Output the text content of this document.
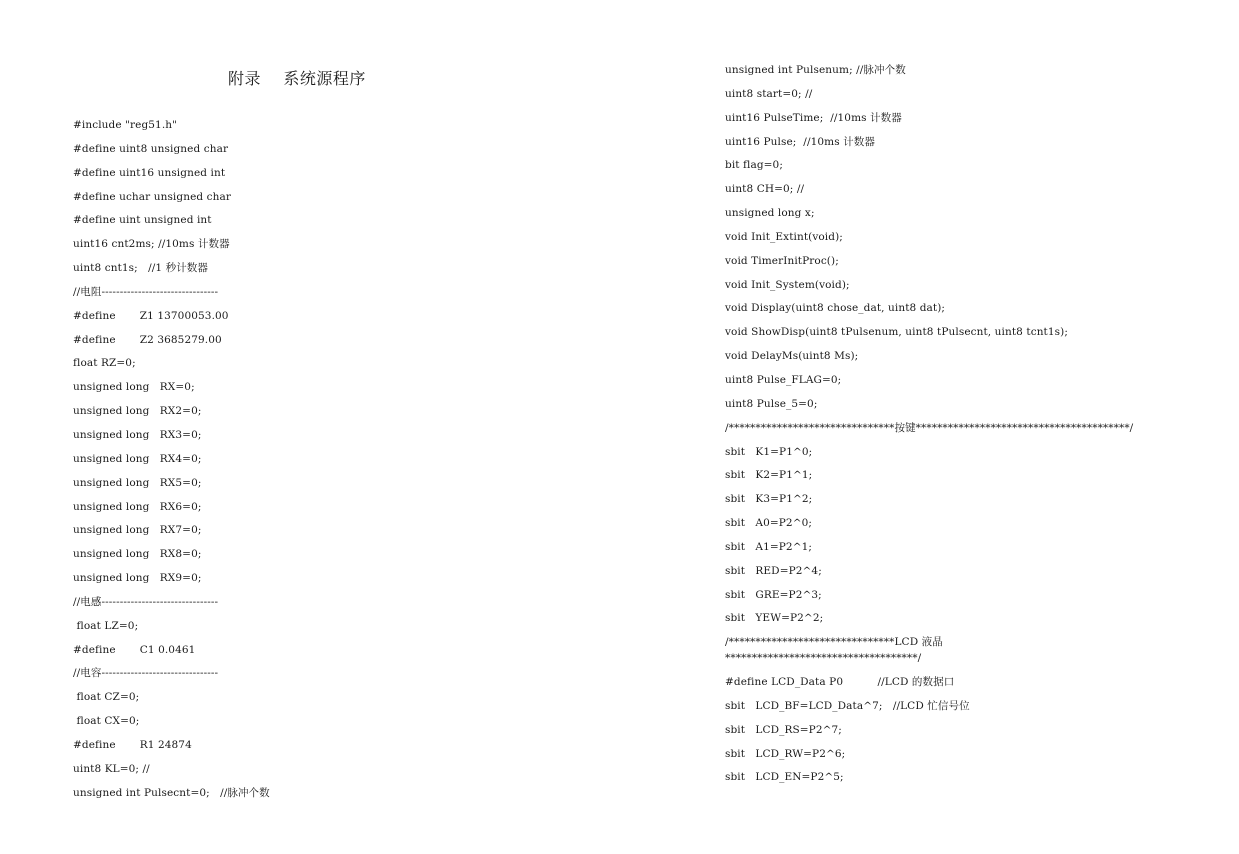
附录    系统源程序
#include "reg51.h"
#define uint8 unsigned char
#define uint16 unsigned int
#define uchar unsigned char
#define uint unsigned int
uint16 cnt2ms; //10ms 计数器
uint8 cnt1s;   //1 秒计数器
//电阻--------------------------------
#define       Z1 13700053.00
#define       Z2 3685279.00
float RZ=0;
unsigned long   RX=0;
unsigned long   RX2=0;
unsigned long   RX3=0;
unsigned long   RX4=0;
unsigned long   RX5=0;
unsigned long   RX6=0;
unsigned long   RX7=0;
unsigned long   RX8=0;
unsigned long   RX9=0;
//电感--------------------------------
float LZ=0;
#define       C1 0.0461
//电容--------------------------------
float CZ=0;
float CX=0;
#define       R1 24874
uint8 KL=0; //
unsigned int Pulsecnt=0;   //脉冲个数
unsigned int Pulsenum; //脉冲个数
uint8 start=0; //
uint16 PulseTime;  //10ms 计数器
uint16 Pulse;  //10ms 计数器
bit flag=0;
uint8 CH=0; //
unsigned long x;
void Init_Extint(void);
void TimerInitProc();
void Init_System(void);
void Display(uint8 chose_dat, uint8 dat);
void ShowDisp(uint8 tPulsenum, uint8 tPulsecnt, uint8 tcnt1s);
void DelayMs(uint8 Ms);
uint8 Pulse_FLAG=0;
uint8 Pulse_5=0;
/*******************************按键****************************************/
sbit   K1=P1^0;
sbit   K2=P1^1;
sbit   K3=P1^2;
sbit   A0=P2^0;
sbit   A1=P2^1;
sbit   RED=P2^4;
sbit   GRE=P2^3;
sbit   YEW=P2^2;
/*******************************LCD 液晶
************************************/
#define LCD_Data P0          //LCD 的数据口
sbit   LCD_BF=LCD_Data^7;   //LCD 忙信号位
sbit   LCD_RS=P2^7;
sbit   LCD_RW=P2^6;
sbit   LCD_EN=P2^5;
